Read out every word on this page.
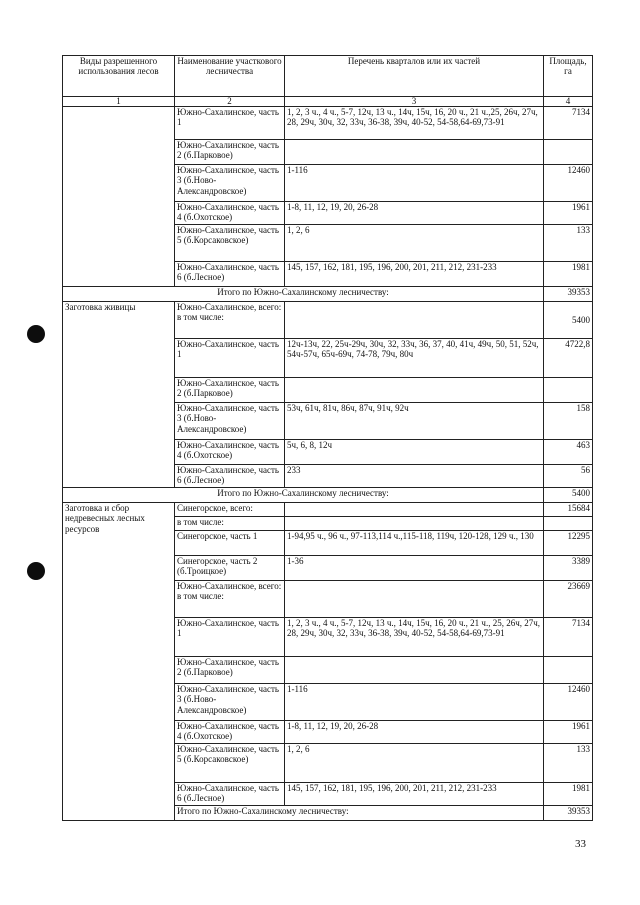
Виды разрешенного использования лесов	Наименование участкового лесничества	Перечень кварталов или их частей	Площадь, га
1	2	3	4
	Южно-Сахалинское, часть 1	1, 2, 3 ч., 4 ч., 5-7, 12ч, 13 ч., 14ч, 15ч, 16, 20 ч., 21 ч.,25, 26ч, 27ч, 28, 29ч, 30ч, 32, 33ч, 36-38, 39ч, 40-52, 54-58,64-69,73-91	7134
	Южно-Сахалинское, часть 2 (б.Парковое)		
	Южно-Сахалинское, часть 3 (б.Ново-Александровское)	1-116	12460
	Южно-Сахалинское, часть 4 (б.Охотское)	1-8, 11, 12, 19, 20, 26-28	1961
	Южно-Сахалинское, часть 5 (б.Корсаковское)	1, 2, 6	133
	Южно-Сахалинское, часть 6 (б.Лесное)	145, 157, 162, 181, 195, 196, 200, 201, 211, 212, 231-233	1981
Итого по Южно-Сахалинскому лесничеству:			39353
Заготовка живицы	Южно-Сахалинское, всего: в том числе:		5400
	Южно-Сахалинское, часть 1	12ч-13ч, 22, 25ч-29ч, 30ч, 32, 33ч, 36, 37, 40, 41ч, 49ч, 50, 51, 52ч, 54ч-57ч, 65ч-69ч, 74-78, 79ч, 80ч	4722,8
	Южно-Сахалинское, часть 2 (б.Парковое)		
	Южно-Сахалинское, часть 3 (б.Ново-Александровское)	53ч, 61ч, 81ч, 86ч, 87ч, 91ч, 92ч	158
	Южно-Сахалинское, часть 4 (б.Охотское)	5ч, 6, 8, 12ч	463
	Южно-Сахалинское, часть 6 (б.Лесное)	233	56
Итого по Южно-Сахалинскому лесничеству:			5400
Заготовка и сбор недревесных лесных ресурсов	Синегорское, всего:		15684
	в том числе:		
	Синегорское, часть 1	1-94,95 ч., 96 ч., 97-113,114 ч.,115-118, 119ч, 120-128, 129 ч., 130	12295
	Синегорское, часть 2 (б.Троицкое)	1-36	3389
	Южно-Сахалинское, всего: в том числе:		23669
	Южно-Сахалинское, часть 1	1, 2, 3 ч., 4 ч., 5-7, 12ч, 13 ч., 14ч, 15ч, 16, 20 ч., 21 ч., 25, 26ч, 27ч, 28, 29ч, 30ч, 32, 33ч, 36-38, 39ч, 40-52, 54-58,64-69,73-91	7134
	Южно-Сахалинское, часть 2 (б.Парковое)		
	Южно-Сахалинское, часть 3 (б.Ново-Александровское)	1-116	12460
	Южно-Сахалинское, часть 4 (б.Охотское)	1-8, 11, 12, 19, 20, 26-28	1961
	Южно-Сахалинское, часть 5 (б.Корсаковское)	1, 2, 6	133
	Южно-Сахалинское, часть 6 (б.Лесное)	145, 157, 162, 181, 195, 196, 200, 201, 211, 212, 231-233	1981
	Итого по Южно-Сахалинскому лесничеству:		39353
33
